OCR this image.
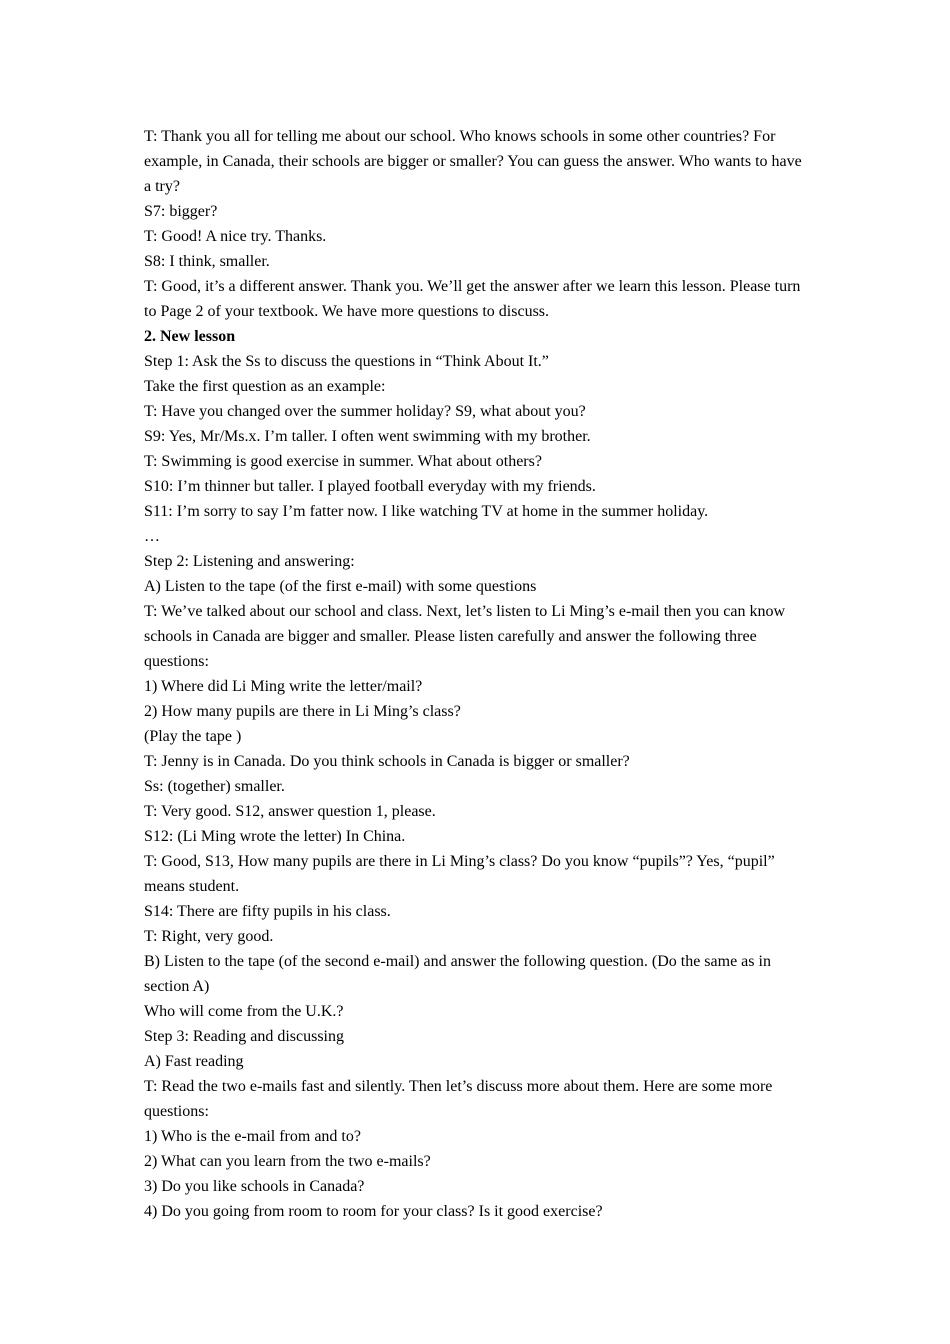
T: Thank you all for telling me about our school. Who knows schools in some other countries? For example, in Canada, their schools are bigger or smaller? You can guess the answer. Who wants to have a try?

S7: bigger?

T: Good! A nice try. Thanks.

S8: I think, smaller.

T: Good, it’s a different answer. Thank you. We’ll get the answer after we learn this lesson. Please turn to Page 2 of your textbook. We have more questions to discuss.

2. New lesson

Step 1: Ask the Ss to discuss the questions in “Think About It.”

Take the first question as an example:

T: Have you changed over the summer holiday? S9, what about you?

S9: Yes, Mr/Ms.x. I’m taller. I often went swimming with my brother.

T: Swimming is good exercise in summer. What about others?

S10: I’m thinner but taller. I played football everyday with my friends.

S11: I’m sorry to say I’m fatter now. I like watching TV at home in the summer holiday.

…

Step 2: Listening and answering:

A) Listen to the tape (of the first e-mail) with some questions

T: We’ve talked about our school and class. Next, let’s listen to Li Ming’s e-mail then you can know schools in Canada are bigger and smaller. Please listen carefully and answer the following three questions:

1) Where did Li Ming write the letter/mail?

2) How many pupils are there in Li Ming’s class?

(Play the tape )

T: Jenny is in Canada. Do you think schools in Canada is bigger or smaller?

Ss: (together) smaller.

T: Very good. S12, answer question 1, please.

S12: (Li Ming wrote the letter) In China.

T: Good, S13, How many pupils are there in Li Ming’s class? Do you know “pupils”? Yes, “pupil” means student.

S14: There are fifty pupils in his class.

T: Right, very good.

B) Listen to the tape (of the second e-mail) and answer the following question. (Do the same as in section A)

Who will come from the U.K.?

Step 3: Reading and discussing

A) Fast reading

T: Read the two e-mails fast and silently. Then let’s discuss more about them. Here are some more questions:

1) Who is the e-mail from and to?

2) What can you learn from the two e-mails?

3) Do you like schools in Canada?

4) Do you going from room to room for your class? Is it good exercise?
